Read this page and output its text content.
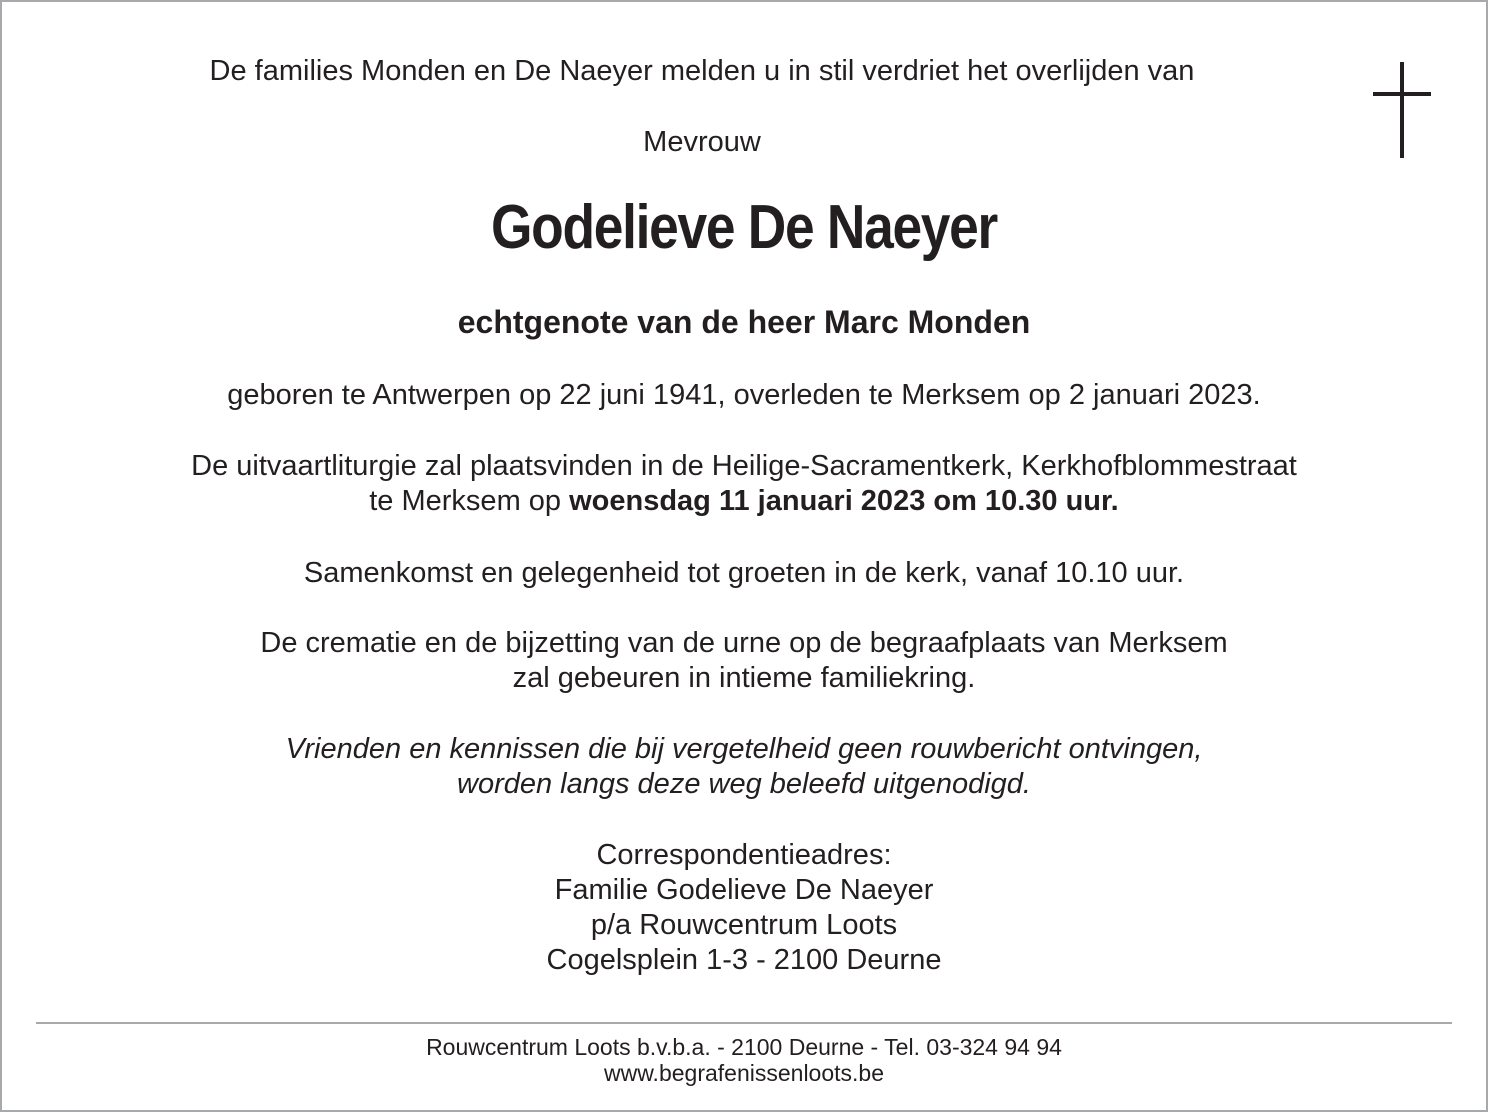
De families Monden en De Naeyer melden u in stil verdriet het overlijden van
Mevrouw
Godelieve De Naeyer
echtgenote van de heer Marc Monden
geboren te Antwerpen op 22 juni 1941, overleden te Merksem op 2 januari 2023.
De uitvaartliturgie zal plaatsvinden in de Heilige-Sacramentkerk, Kerkhofblommestraat
te Merksem op woensdag 11 januari 2023 om 10.30 uur.
Samenkomst en gelegenheid tot groeten in de kerk, vanaf 10.10 uur.
De crematie en de bijzetting van de urne op de begraafplaats van Merksem
zal gebeuren in intieme familiekring.
Vrienden en kennissen die bij vergetelheid geen rouwbericht ontvingen,
worden langs deze weg beleefd uitgenodigd.
Correspondentieadres:
Familie Godelieve De Naeyer
p/a Rouwcentrum Loots
Cogelsplein 1-3 - 2100 Deurne
Rouwcentrum Loots b.v.b.a. - 2100 Deurne - Tel. 03-324 94 94
www.begrafenissenloots.be
